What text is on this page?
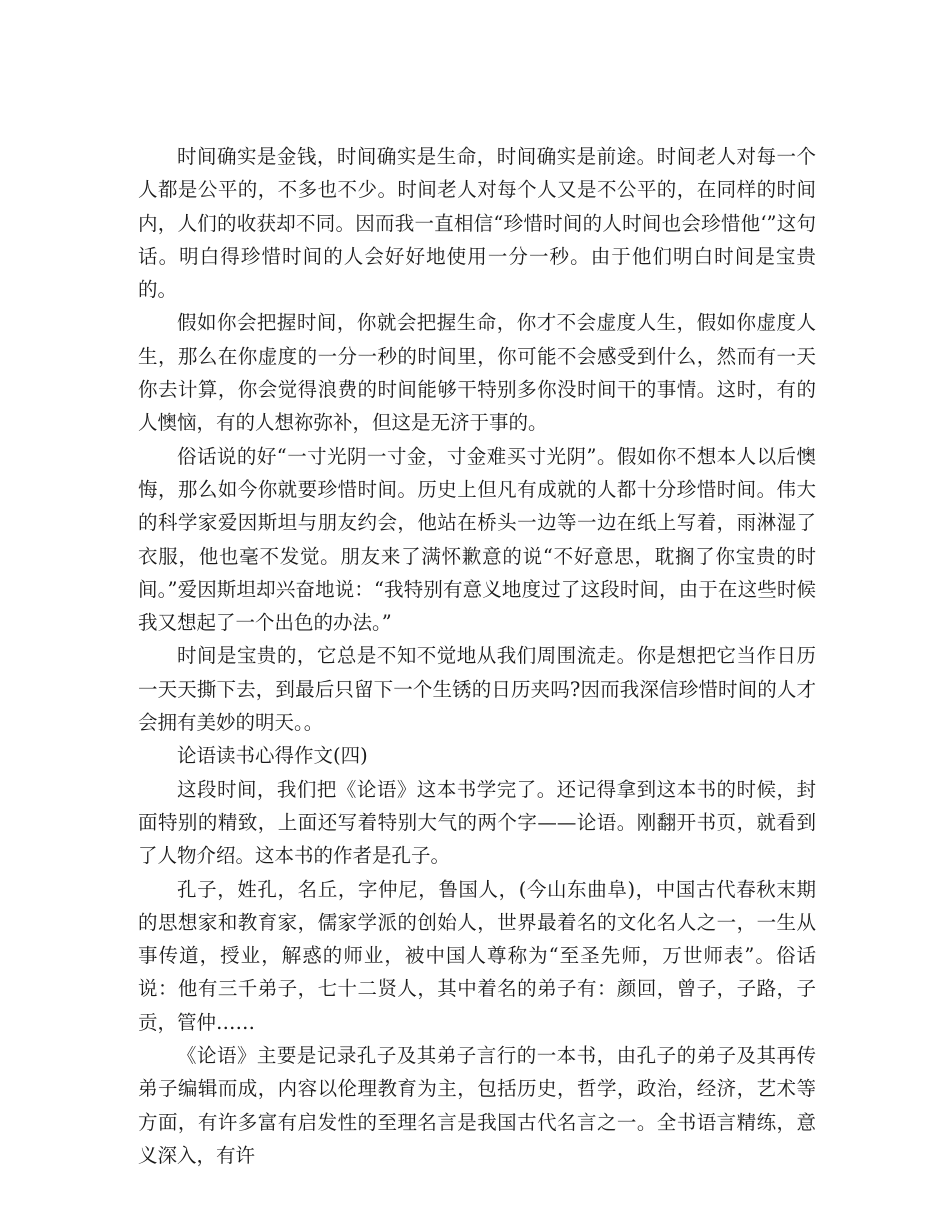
时间确实是金钱，时间确实是生命，时间确实是前途。时间老人对每一个人都是公平的，不多也不少。时间老人对每个人又是不公平的，在同样的时间内，人们的收获却不同。因而我一直相信“珍惜时间的人时间也会珍惜他‘”这句话。明白得珍惜时间的人会好好地使用一分一秒。由于他们明白时间是宝贵的。

假如你会把握时间，你就会把握生命，你才不会虚度人生，假如你虚度人生，那么在你虚度的一分一秒的时间里，你可能不会感受到什么，然而有一天你去计算，你会觉得浪费的时间能够干特别多你没时间干的事情。这时，有的人懊恼，有的人想祢弥补，但这是无济于事的。

俗话说的好“一寸光阴一寸金，寸金难买寸光阴”。假如你不想本人以后懊悔，那么如今你就要珍惜时间。历史上但凡有成就的人都十分珍惜时间。伟大的科学家爱因斯坦与朋友约会，他站在桥头一边等一边在纸上写着，雨淋湿了衣服，他也毫不发觉。朋友来了满怀歉意的说“不好意思，耽搁了你宝贵的时间。”爱因斯坦却兴奋地说：“我特别有意义地度过了这段时间，由于在这些时候我又想起了一个出色的办法。”

时间是宝贵的，它总是不知不觉地从我们周围流走。你是想把它当作日历一天天撕下去，到最后只留下一个生锈的日历夹吗?因而我深信珍惜时间的人才会拥有美妙的明天。。

论语读书心得作文(四)

这段时间，我们把《论语》这本书学完了。还记得拿到这本书的时候，封面特别的精致，上面还写着特别大气的两个字——论语。刚翻开书页，就看到了人物介绍。这本书的作者是孔子。

孔子，姓孔，名丘，字仲尼，鲁国人，(今山东曲阜)，中国古代春秋末期的思想家和教育家，儒家学派的创始人，世界最着名的文化名人之一，一生从事传道，授业，解惑的师业，被中国人尊称为“至圣先师，万世师表”。俗话说：他有三千弟子，七十二贤人，其中着名的弟子有：颜回，曾子，子路，子贡，管仲……

《论语》主要是记录孔子及其弟子言行的一本书，由孔子的弟子及其再传弟子编辑而成，内容以伦理教育为主，包括历史，哲学，政治，经济，艺术等方面，有许多富有启发性的至理名言是我国古代名言之一。全书语言精练，意义深入，有许
